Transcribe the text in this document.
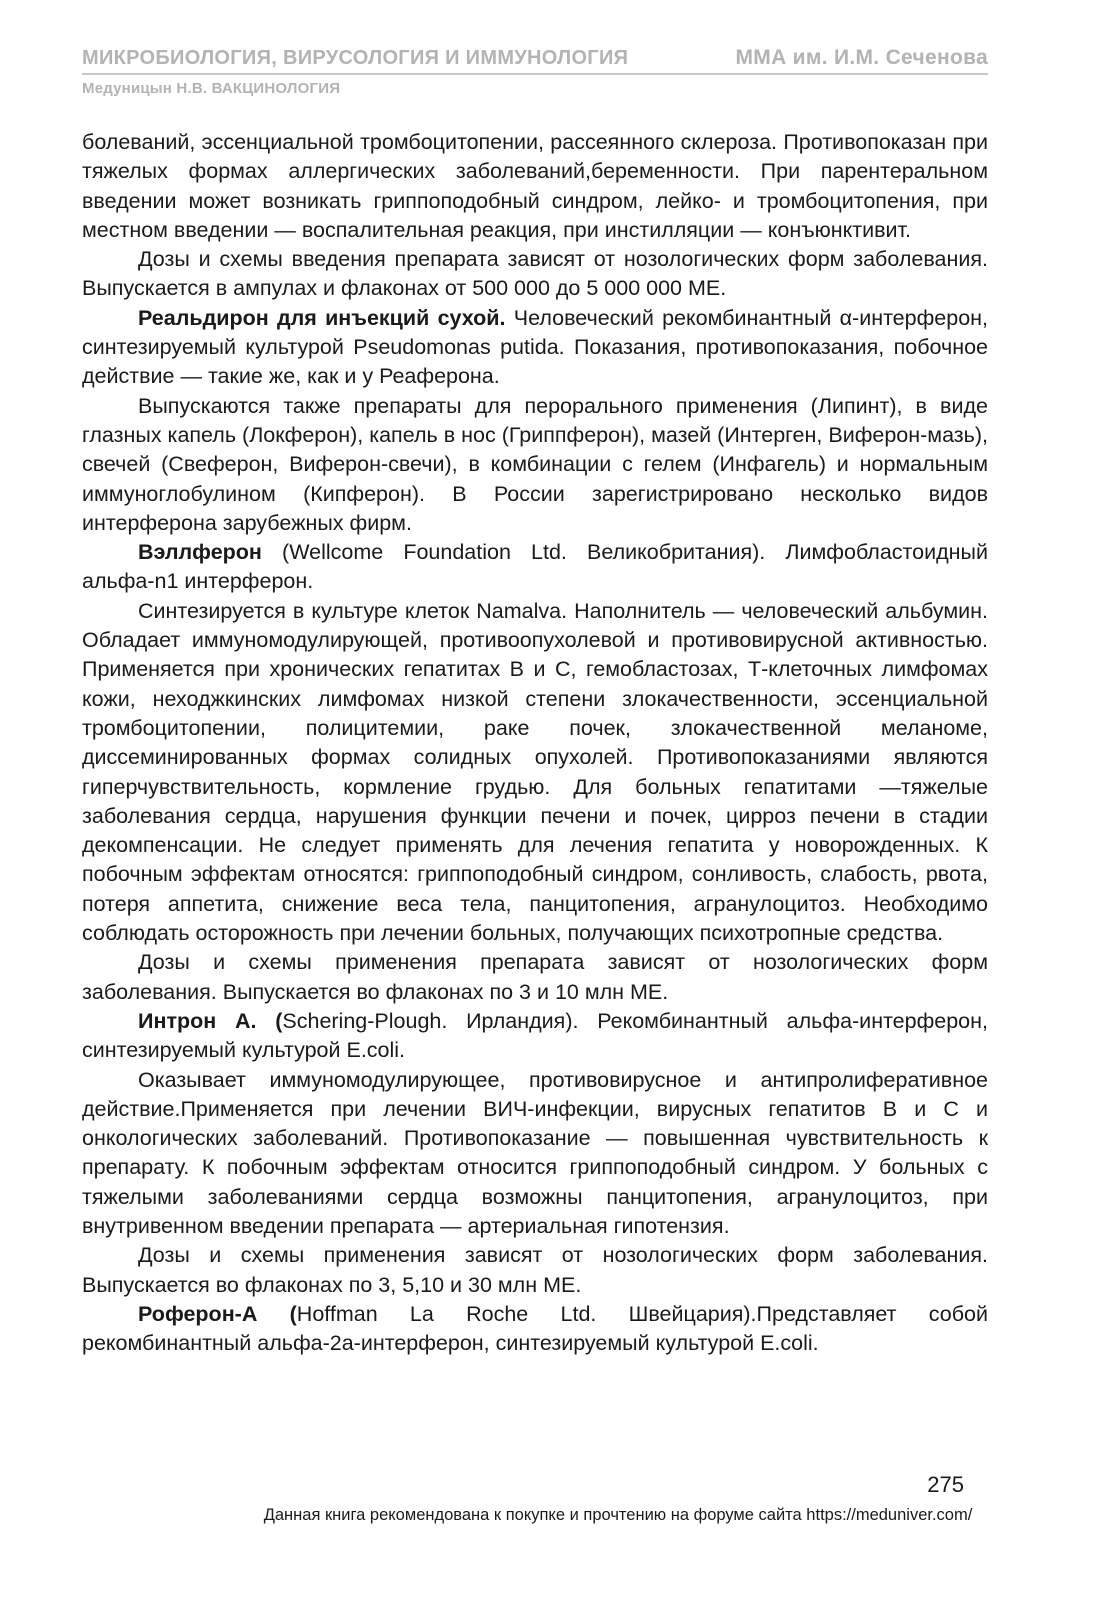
МИКРОБИОЛОГИЯ, ВИРУСОЛОГИЯ И ИММУНОЛОГИЯ	ММА им. И.М. Сеченова
Медуницын Н.В. ВАКЦИНОЛОГИЯ

болеваний, эссенциальной тромбоцитопении, рассеянного склероза. Противопоказан при тяжелых формах аллергических заболеваний,беременности. При парентеральном введении может возникать гриппоподобный синдром, лейко- и тромбоцитопения, при местном введении — воспалительная реакция, при инстилляции — конъюнктивит.

Дозы и схемы введения препарата зависят от нозологических форм заболевания. Выпускается в ампулах и флаконах от 500 000 до 5 000 000 МЕ.

Реальдирон для инъекций сухой. Человеческий рекомбинантный α-интерферон, синтезируемый культурой Pseudomonas putida. Показания, противопоказания, побочное действие — такие же, как и у Реаферона.

Выпускаются также препараты для перорального применения (Липинт), в виде глазных капель (Локферон), капель в нос (Гриппферон), мазей (Интерген, Виферон-мазь), свечей (Свеферон, Виферон-свечи), в комбинации с гелем (Инфагель) и нормальным иммуноглобулином (Кипферон). В России зарегистрировано несколько видов интерферона зарубежных фирм.

Вэллферон (Wellcome Foundation Ltd. Великобритания). Лимфобластоидный альфа-n1 интерферон.

Синтезируется в культуре клеток Namalva. Наполнитель — человеческий альбумин. Обладает иммуномодулирующей, противоопухолевой и противовирусной активностью. Применяется при хронических гепатитах В и С, гемобластозах, Т-клеточных лимфомах кожи, неходжкинских лимфомах низкой степени злокачественности, эссенциальной тромбоцитопении, полицитемии, раке почек, злокачественной меланоме, диссеминированных формах солидных опухолей. Противопоказаниями являются гиперчувствительность, кормление грудью. Для больных гепатитами —тяжелые заболевания сердца, нарушения функции печени и почек, цирроз печени в стадии декомпенсации. Не следует применять для лечения гепатита у новорожденных. К побочным эффектам относятся: гриппоподобный синдром, сонливость, слабость, рвота, потеря аппетита, снижение веса тела, панцитопения, агранулоцитоз. Необходимо соблюдать осторожность при лечении больных, получающих психотропные средства.

Дозы и схемы применения препарата зависят от нозологических форм заболевания. Выпускается во флаконах по 3 и 10 млн МЕ.

Интрон А. (Schering-Plough. Ирландия). Рекомбинантный альфа-интерферон, синтезируемый культурой E.coli.

Оказывает иммуномодулирующее, противовирусное и антипролиферативное действие.Применяется при лечении ВИЧ-инфекции, вирусных гепатитов В и С и онкологических заболеваний. Противопоказание — повышенная чувствительность к препарату. К побочным эффектам относится гриппоподобный синдром. У больных с тяжелыми заболеваниями сердца возможны панцитопения, агранулоцитоз, при внутривенном введении препарата — артериальная гипотензия.

Дозы и схемы применения зависят от нозологических форм заболевания. Выпускается во флаконах по 3, 5,10 и 30 млн МЕ.

Роферон-А (Hoffman La Roche Ltd. Швейцария).Представляет собой рекомбинантный альфа-2а-интерферон, синтезируемый культурой E.coli.

275
Данная книга рекомендована к покупке и прочтению на форуме сайта https://meduniver.com/
